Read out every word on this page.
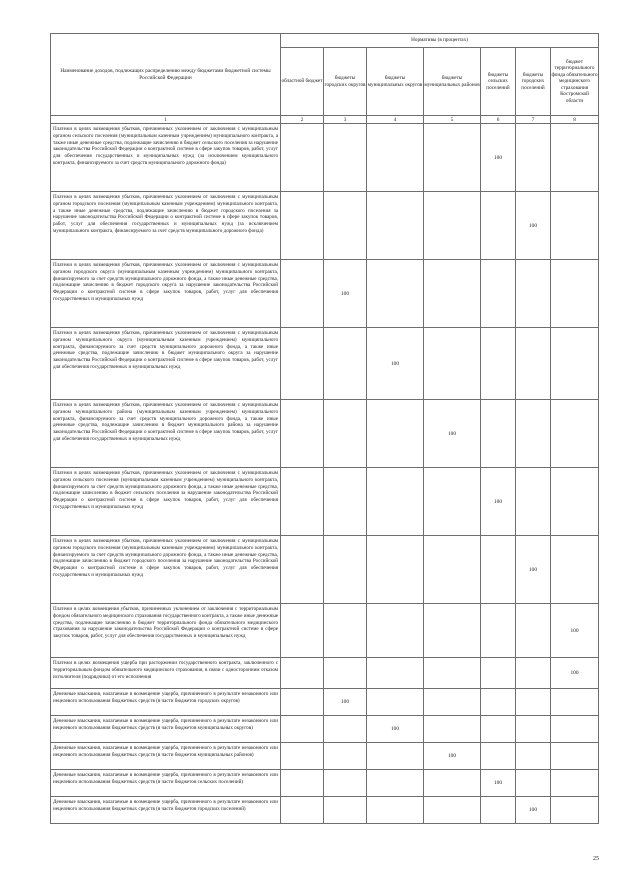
Наименование доходов, подлежащих распределению между бюджетами бюджетной системы Российской Федерации	Нормативы (в процентах)						
	областной бюджет	бюджеты городских округов	бюджеты муниципальных округов	бюджеты муниципальных районов	бюджеты сельских поселений	бюджеты городских поселений	бюджет территориального фонда обязательного медицинского страхования Костромской области
1	2	3	4	5	6	7	8
Платежи в целях возмещения убытков, причиненных уклонением от заключения с муниципальным органом сельского поселения (муниципальным казенным учреждением) муниципального контракта, а также иные денежные средства, подлежащие зачислению в бюджет сельского поселения за нарушение законодательства Российской Федерации о контрактной системе в сфере закупок товаров, работ, услуг для обеспечения государственных и муниципальных нужд (за исключением муниципального контракта, финансируемого за счет средств муниципального дорожного фонда)					100		
Платежи в целях возмещения убытков, причиненных уклонением от заключения с муниципальным органом городского поселения (муниципальным казенным учреждением) муниципального контракта, а также иные денежные средства, подлежащие зачислению в бюджет городского поселения за нарушение законодательства Российской Федерации о контрактной системе в сфере закупок товаров, работ, услуг для обеспечения государственных и муниципальных нужд (за исключением муниципального контракта, финансируемого за счет средств муниципального дорожного фонда)						100	
Платежи в целях возмещения убытков, причиненных уклонением от заключения с муниципальным органом городского округа (муниципальным казенным учреждением) муниципального контракта, финансируемого за счет средств муниципального дорожного фонда, а также иные денежные средства, подлежащие зачислению в бюджет городского округа за нарушение законодательства Российской Федерации о контрактной системе в сфере закупок товаров, работ, услуг для обеспечения государственных и муниципальных нужд		100					
Платежи в целях возмещения убытков, причиненных уклонением от заключения с муниципальным органом муниципального округа (муниципальным казенным учреждением) муниципального контракта, финансируемого за счет средств муниципального дорожного фонда, а также иные денежные средства, подлежащие зачислению в бюджет муниципального округа за нарушение законодательства Российской Федерации о контрактной системе в сфере закупок товаров, работ, услуг для обеспечения государственных и муниципальных нужд			100				
Платежи в целях возмещения убытков, причиненных уклонением от заключения с муниципальным органом муниципального района (муниципальным казенным учреждением) муниципального контракта, финансируемого за счет средств муниципального дорожного фонда, а также иные денежные средства, подлежащие зачислению в бюджет муниципального района за нарушение законодательства Российской Федерации о контрактной системе в сфере закупок товаров, работ, услуг для обеспечения государственных и муниципальных нужд				100			
Платежи в целях возмещения убытков, причиненных уклонением от заключения с муниципальным органом сельского поселения (муниципальным казенным учреждением) муниципального контракта, финансируемого за счет средств муниципального дорожного фонда, а также иные денежные средства, подлежащие зачислению в бюджет сельского поселения за нарушение законодательства Российской Федерации о контрактной системе в сфере закупок товаров, работ, услуг для обеспечения государственных и муниципальных нужд					100		
Платежи в целях возмещения убытков, причиненных уклонением от заключения с муниципальным органом городского поселения (муниципальным казенным учреждением) муниципального контракта, финансируемого за счет средств муниципального дорожного фонда, а также иные денежные средства, подлежащие зачислению в бюджет городского поселения за нарушение законодательства Российской Федерации о контрактной системе в сфере закупок товаров, работ, услуг для обеспечения государственных и муниципальных нужд						100	
Платежи в целях возмещения убытков, причиненных уклонением от заключения с территориальным фондом обязательного медицинского страхования государственного контракта, а также иные денежные средства, подлежащие зачислению в бюджет территориального фонда обязательного медицинского страхования за нарушение законодательства Российской Федерации о контрактной системе в сфере закупок товаров, работ, услуг для обеспечения государственных и муниципальных нужд							100
Платежи в целях возмещения ущерба при расторжении государственного контракта, заключенного с территориальным фондом обязательного медицинского страхования, в связи с односторонним отказом исполнителя (подрядчика) от его исполнения							100
Денежные взыскания, налагаемые в возмещение ущерба, причиненного в результате незаконного или нецелевого использования бюджетных средств (в части бюджетов городских округов)		100					
Денежные взыскания, налагаемые в возмещение ущерба, причиненного в результате незаконного или нецелевого использования бюджетных средств (в части бюджетов муниципальных округов)			100				
Денежные взыскания, налагаемые в возмещение ущерба, причиненного в результате незаконного или нецелевого использования бюджетных средств (в части бюджетов муниципальных районов)				100			
Денежные взыскания, налагаемые в возмещение ущерба, причиненного в результате незаконного или нецелевого использования бюджетных средств (в части бюджетов сельских поселений)					100		
Денежные взыскания, налагаемые в возмещение ущерба, причиненного в результате незаконного или нецелевого использования бюджетных средств (в части бюджетов городских поселений)						100	
25
